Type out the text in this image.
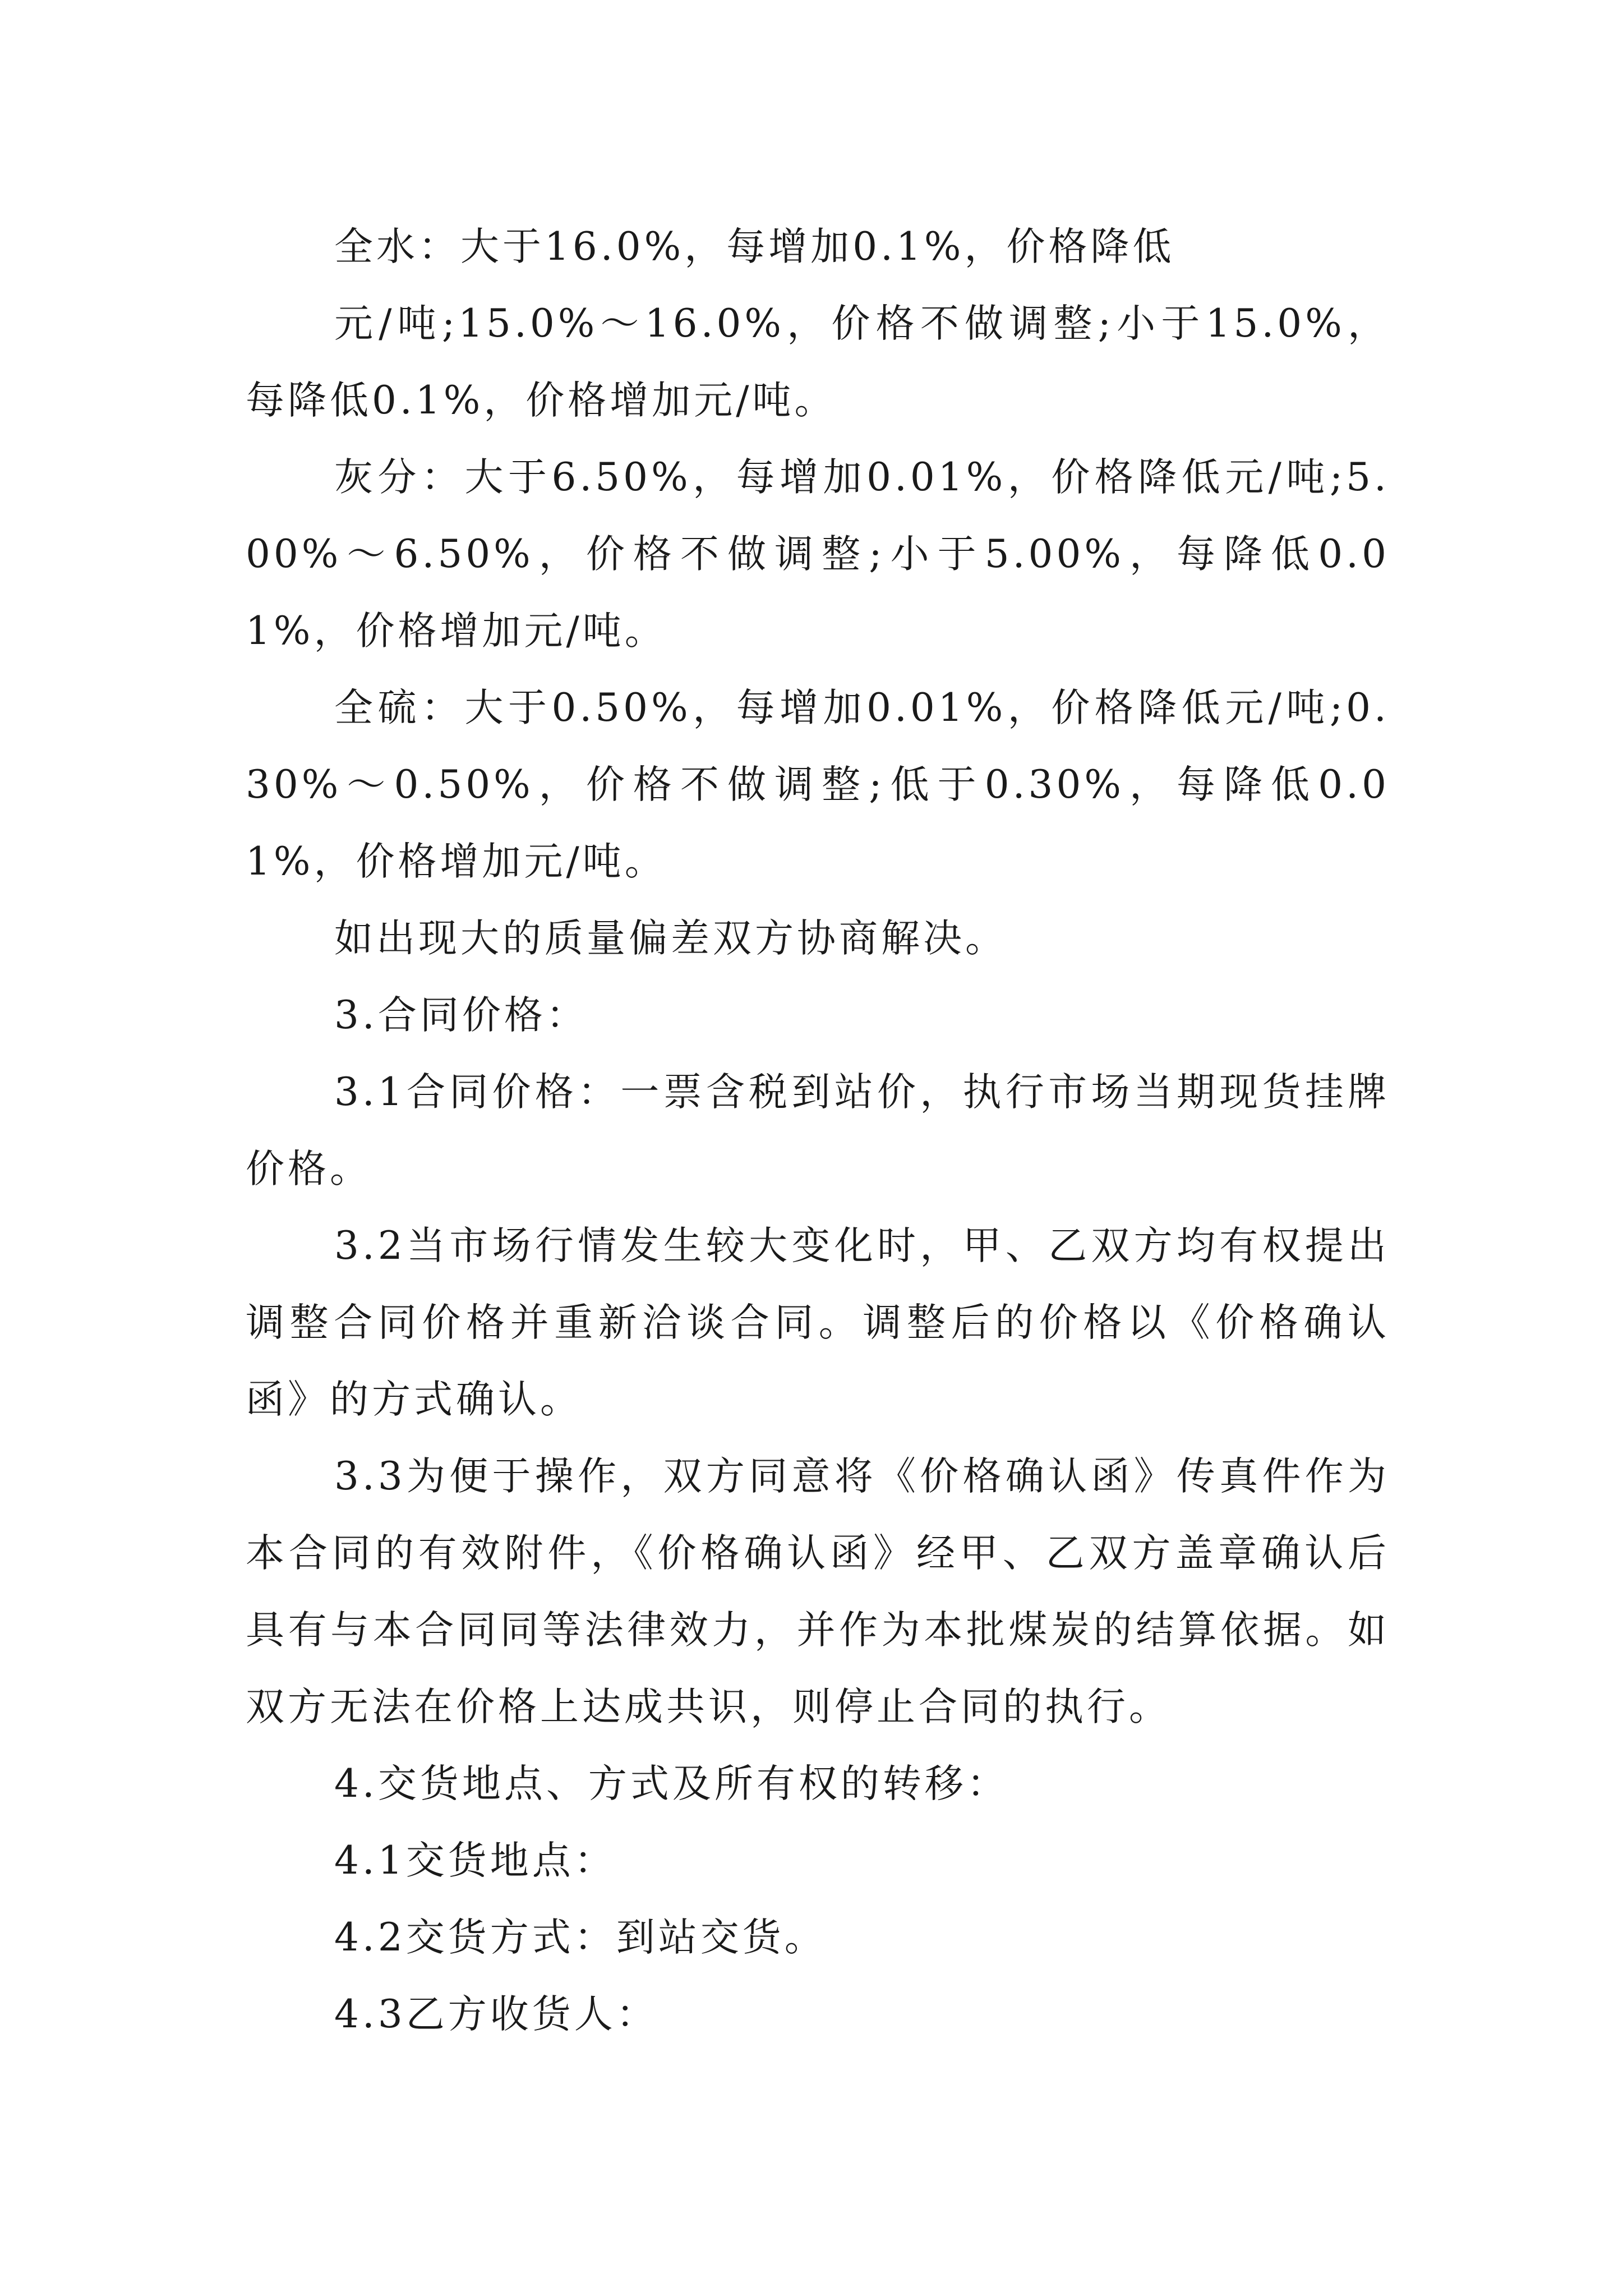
全水：大于16.0%，每增加0.1%，价格降低

元/吨;15.0%～16.0%，价格不做调整;小于15.0%，每降低0.1%，价格增加元/吨。

灰分：大于6.50%，每增加0.01%，价格降低元/吨;5.00%～6.50%，价格不做调整;小于5.00%，每降低0.01%，价格增加元/吨。

全硫：大于0.50%，每增加0.01%，价格降低元/吨;0.30%～0.50%，价格不做调整;低于0.30%，每降低0.01%，价格增加元/吨。

如出现大的质量偏差双方协商解决。

3.合同价格：

3.1合同价格：一票含税到站价，执行市场当期现货挂牌价格。

3.2当市场行情发生较大变化时，甲、乙双方均有权提出调整合同价格并重新洽谈合同。调整后的价格以《价格确认函》的方式确认。

3.3为便于操作，双方同意将《价格确认函》传真件作为本合同的有效附件，《价格确认函》经甲、乙双方盖章确认后具有与本合同同等法律效力，并作为本批煤炭的结算依据。如双方无法在价格上达成共识，则停止合同的执行。

4.交货地点、方式及所有权的转移：

4.1交货地点：

4.2交货方式：到站交货。

4.3乙方收货人：
